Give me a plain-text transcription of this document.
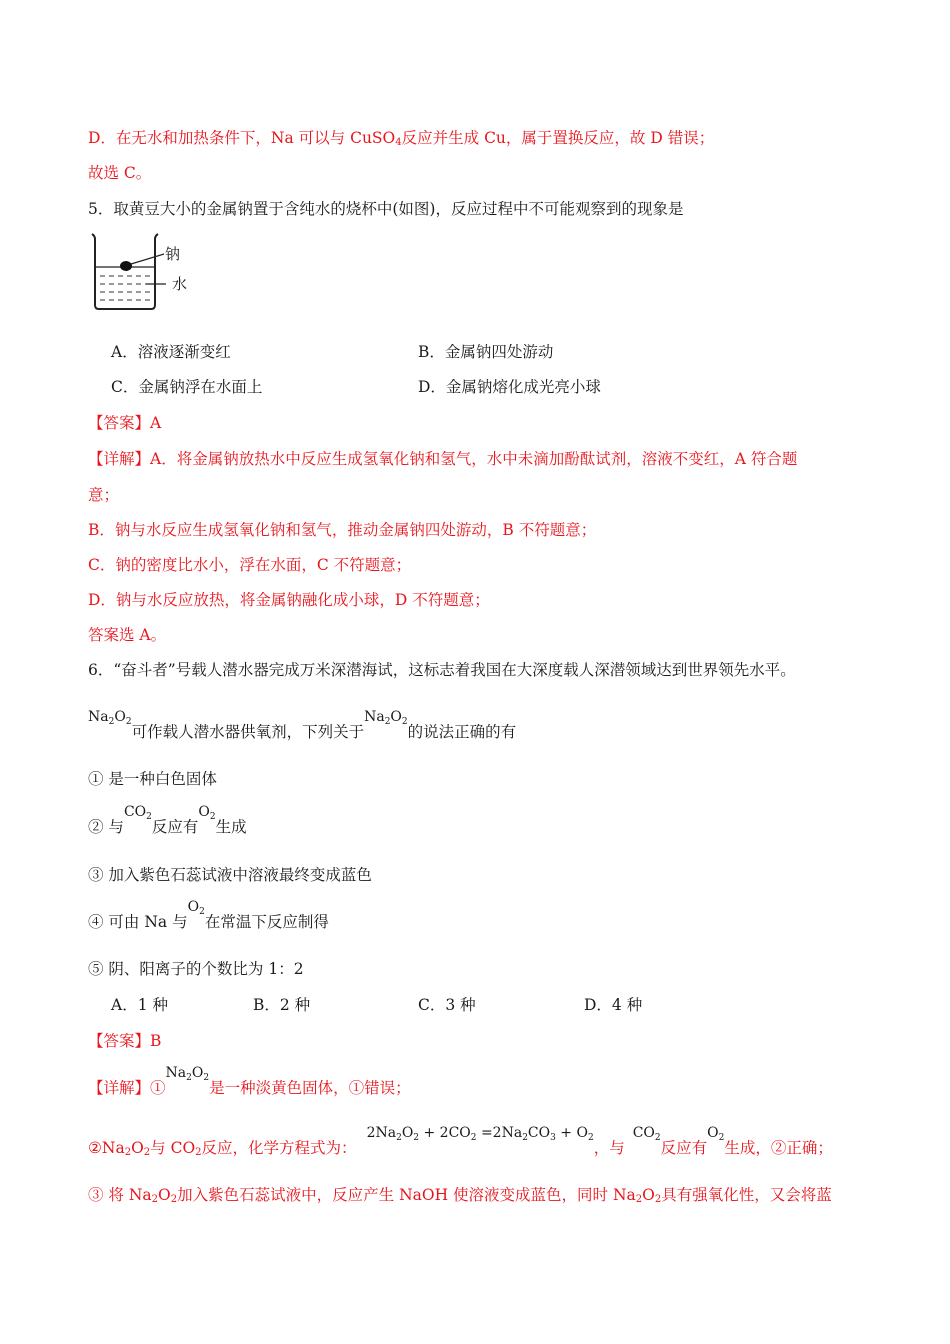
D．在无水和加热条件下，Na 可以与 CuSO$_4$反应并生成 Cu，属于置换反应，故 D 错误；
故选 C。
5．取黄豆大小的金属钠置于含纯水的烧杯中(如图)，反应过程中不可能观察到的现象是
钠
水
A．溶液逐渐变红	B．金属钠四处游动
C．金属钠浮在水面上	D．金属钠熔化成光亮小球
【答案】A
【详解】A．将金属钠放热水中反应生成氢氧化钠和氢气，水中未滴加酚酞试剂，溶液不变红，A 符合题
意；
B．钠与水反应生成氢氧化钠和氢气，推动金属钠四处游动，B 不符题意；
C．钠的密度比水小，浮在水面，C 不符题意；
D．钠与水反应放热，将金属钠融化成小球，D 不符题意；
答案选 A。
6．“奋斗者”号载人潜水器完成万米深潜海试，这标志着我国在大深度载人深潜领域达到世界领先水平。
$Na_2O_2$可作载人潜水器供氧剂，下列关于$Na_2O_2$的说法正确的有
① 是一种白色固体
② 与$CO_2$反应有$O_2$生成
③ 加入紫色石蕊试液中溶液最终变成蓝色
④ 可由 Na 与$O_2$在常温下反应制得
⑤ 阴、阳离子的个数比为 1：2
A．1 种	B．2 种	C．3 种	D．4 种
【答案】B
【详解】$①Na_2O_2$是一种淡黄色固体，①错误；
$②Na_2O_2$与 $CO_2$反应，化学方程式为：$2Na_2O_2 + 2CO_2 =2Na_2CO_3 + O_2$，与$CO_2$反应有$O_2$生成，②正确；
③ 将 $Na_2O_2$加入紫色石蕊试液中，反应产生 NaOH 使溶液变成蓝色，同时 $Na_2O_2$具有强氧化性，又会将蓝
